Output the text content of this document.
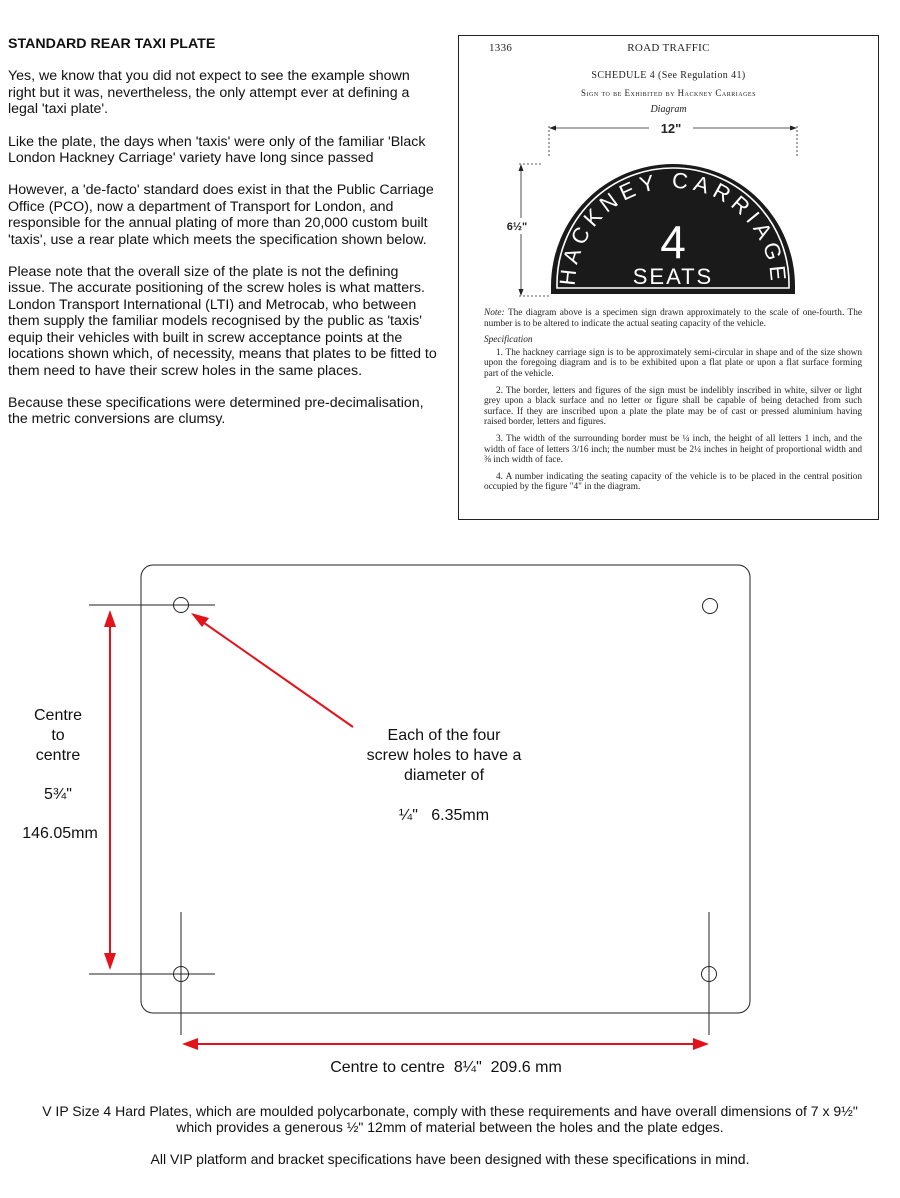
STANDARD REAR TAXI PLATE

Yes, we know that you did not expect to see the example shown right but it was, nevertheless, the only attempt ever at defining a legal 'taxi plate'.

Like the plate, the days when 'taxis' were only of the familiar 'Black London Hackney Carriage' variety have long since passed

However, a 'de-facto' standard does exist in that the Public Carriage Office (PCO), now a department of Transport for London, and responsible for the annual plating of more than 20,000 custom built 'taxis', use a rear plate which meets the specification shown below.

Please note that the overall size of the plate is not the defining issue. The accurate positioning of the screw holes is what matters. London Transport International (LTI) and Metrocab, who between them supply the familiar models recognised by the public as 'taxis' equip their vehicles with built in screw acceptance points at the locations shown which, of necessity, means that plates to be fitted to them need to have their screw holes in the same places.

Because these specifications were determined pre-decimalisation, the metric conversions are clumsy.

ROAD TRAFFIC
1336
SCHEDULE 4 (See Regulation 41)
Sign to be Exhibited by Hackney Carriages
Diagram
12"
6½"
HACKNEY CARRIAGE
4
SEATS

Note: The diagram above is a specimen sign drawn approximately to the scale of one-fourth. The number is to be altered to indicate the actual seating capacity of the vehicle.

Specification

1. The hackney carriage sign is to be approximately semi-circular in shape and of the size shown upon the foregoing diagram and is to be exhibited upon a flat plate or upon a flat surface forming part of the vehicle.

2. The border, letters and figures of the sign must be indelibly inscribed in white, silver or light grey upon a black surface and no letter or figure shall be capable of being detached from such surface. If they are inscribed upon a plate the plate may be of cast or pressed aluminium having raised border, letters and figures.

3. The width of the surrounding border must be ¼ inch, the height of all letters 1 inch, and the width of face of letters 3/16 inch; the number must be 2¼ inches in height of proportional width and ⅜ inch width of face.

4. A number indicating the seating capacity of the vehicle is to be placed in the central position occupied by the figure "4" in the diagram.

Centre
to
centre
5¾"
146.05mm
Each of the four
screw holes to have a
diameter of
¼"   6.35mm
Centre to centre  8¼"  209.6 mm
V IP Size 4 Hard Plates, which are moulded polycarbonate, comply with these requirements and have overall dimensions of 7 x 9½"
which provides a generous ½" 12mm of material between the holes and the plate edges.
All VIP platform and bracket specifications have been designed with these specifications in mind.
